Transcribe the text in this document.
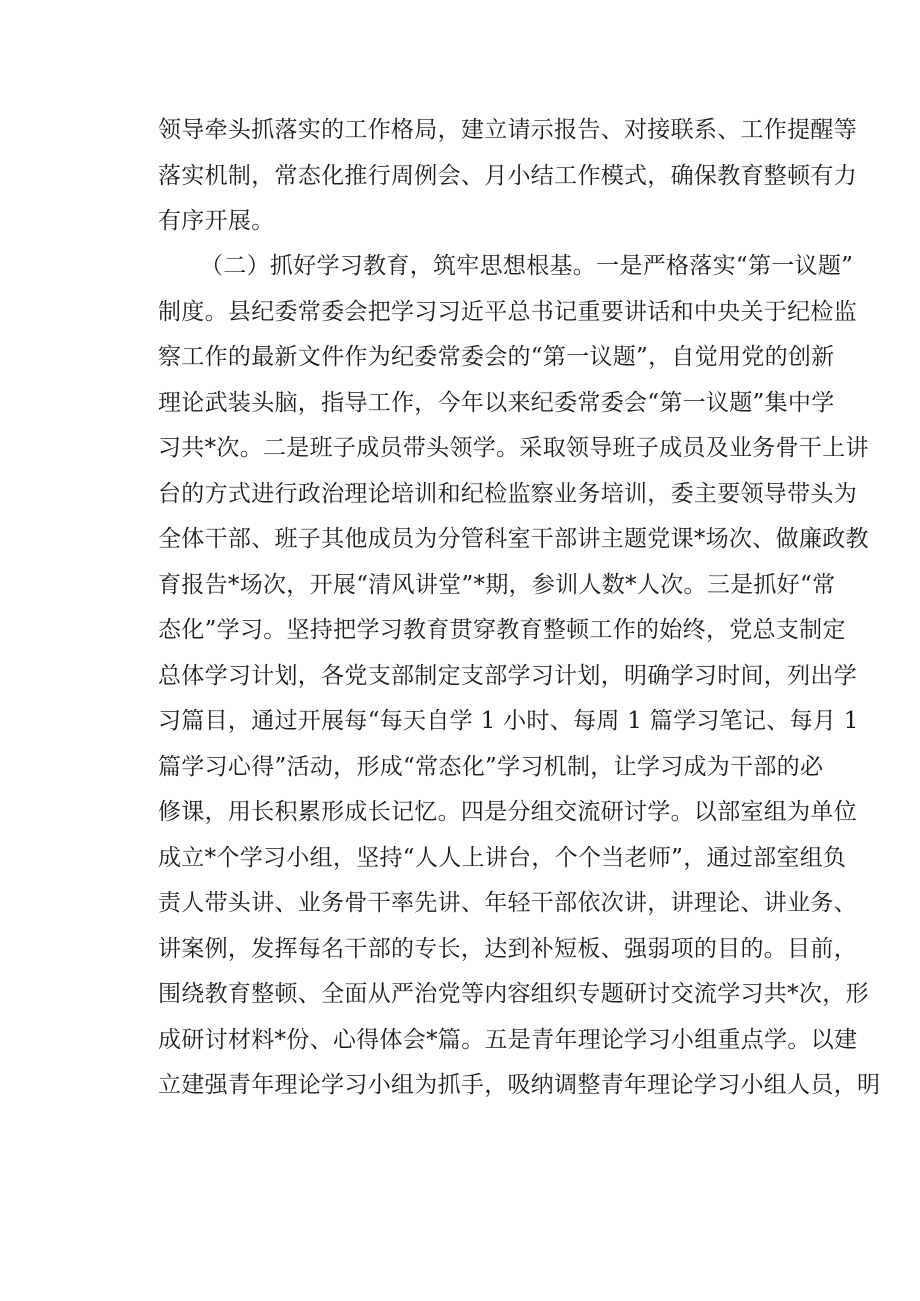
领导牵头抓落实的工作格局，建立请示报告、对接联系、工作提醒等
落实机制，常态化推行周例会、月小结工作模式，确保教育整顿有力
有序开展。
（二）抓好学习教育，筑牢思想根基。一是严格落实“第一议题”
制度。县纪委常委会把学习习近平总书记重要讲话和中央关于纪检监
察工作的最新文件作为纪委常委会的“第一议题”，自觉用党的创新
理论武装头脑，指导工作，今年以来纪委常委会“第一议题”集中学
习共*次。二是班子成员带头领学。采取领导班子成员及业务骨干上讲
台的方式进行政治理论培训和纪检监察业务培训，委主要领导带头为
全体干部、班子其他成员为分管科室干部讲主题党课*场次、做廉政教
育报告*场次，开展“清风讲堂”*期，参训人数*人次。三是抓好“常
态化”学习。坚持把学习教育贯穿教育整顿工作的始终，党总支制定
总体学习计划，各党支部制定支部学习计划，明确学习时间，列出学
习篇目，通过开展每“每天自学 1 小时、每周 1 篇学习笔记、每月 1
篇学习心得”活动，形成“常态化”学习机制，让学习成为干部的必
修课，用长积累形成长记忆。四是分组交流研讨学。以部室组为单位
成立*个学习小组，坚持“人人上讲台，个个当老师”，通过部室组负
责人带头讲、业务骨干率先讲、年轻干部依次讲，讲理论、讲业务、
讲案例，发挥每名干部的专长，达到补短板、强弱项的目的。目前，
围绕教育整顿、全面从严治党等内容组织专题研讨交流学习共*次，形
成研讨材料*份、心得体会*篇。五是青年理论学习小组重点学。以建
立建强青年理论学习小组为抓手，吸纳调整青年理论学习小组人员，明
